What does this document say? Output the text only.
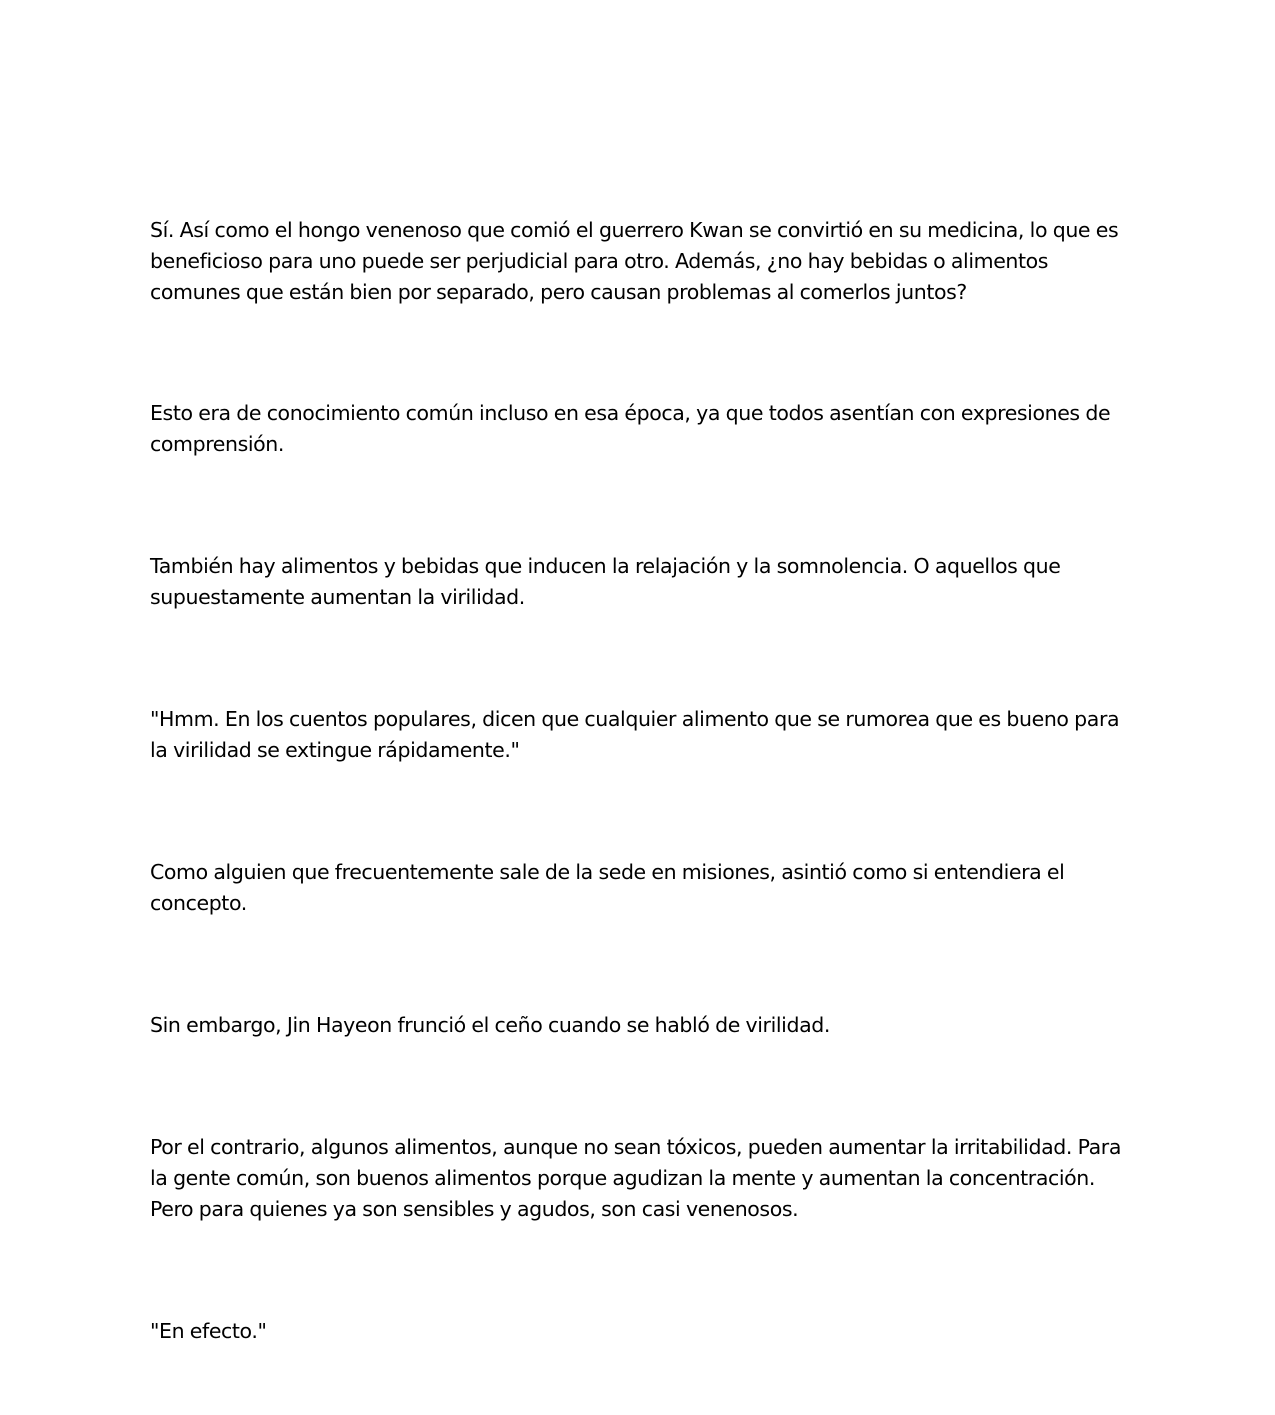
Sí. Así como el hongo venenoso que comió el guerrero Kwan se convirtió en su medicina, lo que es beneficioso para uno puede ser perjudicial para otro. Además, ¿no hay bebidas o alimentos comunes que están bien por separado, pero causan problemas al comerlos juntos?

Esto era de conocimiento común incluso en esa época, ya que todos asentían con expresiones de comprensión.

También hay alimentos y bebidas que inducen la relajación y la somnolencia. O aquellos que supuestamente aumentan la virilidad.

"Hmm. En los cuentos populares, dicen que cualquier alimento que se rumorea que es bueno para la virilidad se extingue rápidamente."

Como alguien que frecuentemente sale de la sede en misiones, asintió como si entendiera el concepto.

Sin embargo, Jin Hayeon frunció el ceño cuando se habló de virilidad.

Por el contrario, algunos alimentos, aunque no sean tóxicos, pueden aumentar la irritabilidad. Para la gente común, son buenos alimentos porque agudizan la mente y aumentan la concentración. Pero para quienes ya son sensibles y agudos, son casi venenosos.

"En efecto."
